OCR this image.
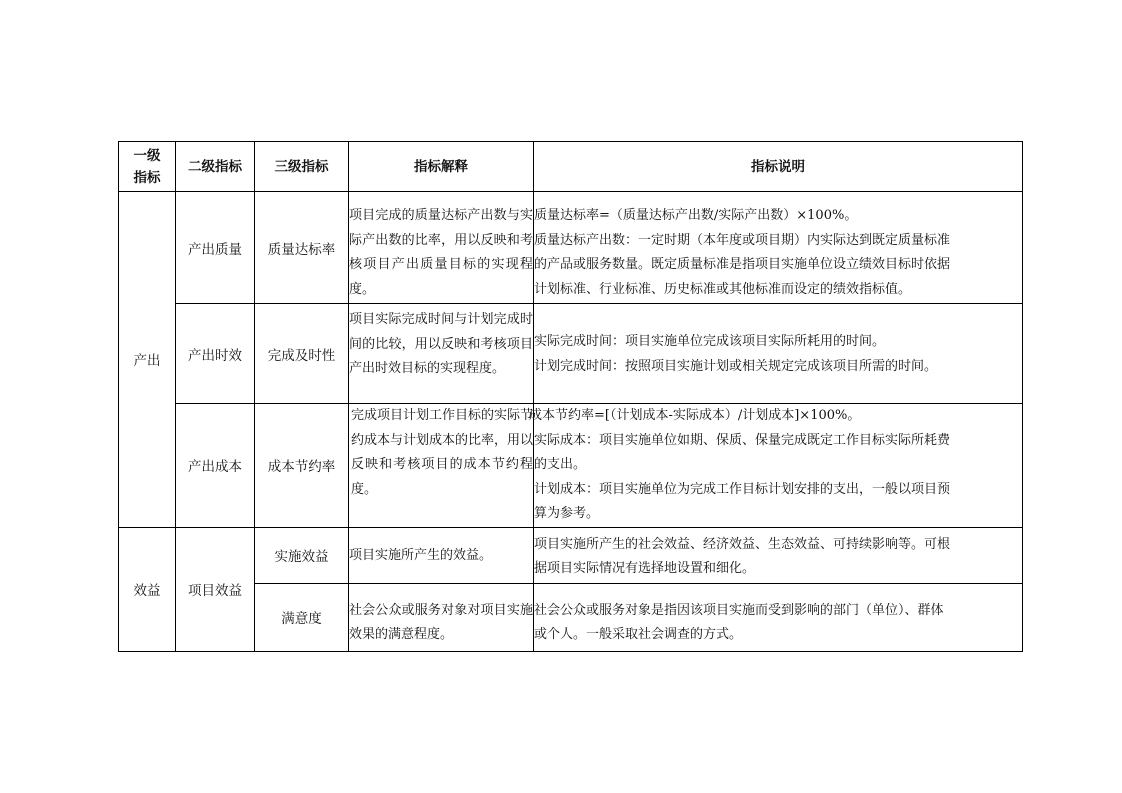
一级
指标	二级指标	三级指标	指标解释	指标说明
产出	产出质量	质量达标率	项目完成的质量达标产出数与实际产出数的比率，用以反映和考核项目产出质量目标的实现程度。	质量达标率=（质量达标产出数/实际产出数）×100%。
质量达标产出数：一定时期（本年度或项目期）内实际达到既定质量标准
的产品或服务数量。既定质量标准是指项目实施单位设立绩效目标时依据
计划标准、行业标准、历史标准或其他标准而设定的绩效指标值。

	产出时效	完成及时性	项目实际完成时间与计划完成时间的比较，用以反映和考核项目产出时效目标的实现程度。	实际完成时间：项目实施单位完成该项目实际所耗用的时间。
计划完成时间：按照项目实施计划或相关规定完成该项目所需的时间。

	产出成本	成本节约率	完成项目计划工作目标的实际节约成本与计划成本的比率，用以反映和考核项目的成本节约程度。	成本节约率=[（计划成本-实际成本）/计划成本]×100%。
实际成本：项目实施单位如期、保质、保量完成既定工作目标实际所耗费
的支出。
计划成本：项目实施单位为完成工作目标计划安排的支出，一般以项目预
算为参考。

效益	项目效益	实施效益	项目实施所产生的效益。	项目实施所产生的社会效益、经济效益、生态效益、可持续影响等。可根
据项目实际情况有选择地设置和细化。

		满意度	社会公众或服务对象对项目实施效果的满意程度。	社会公众或服务对象是指因该项目实施而受到影响的部门（单位）、群体
或个人。一般采取社会调查的方式。
